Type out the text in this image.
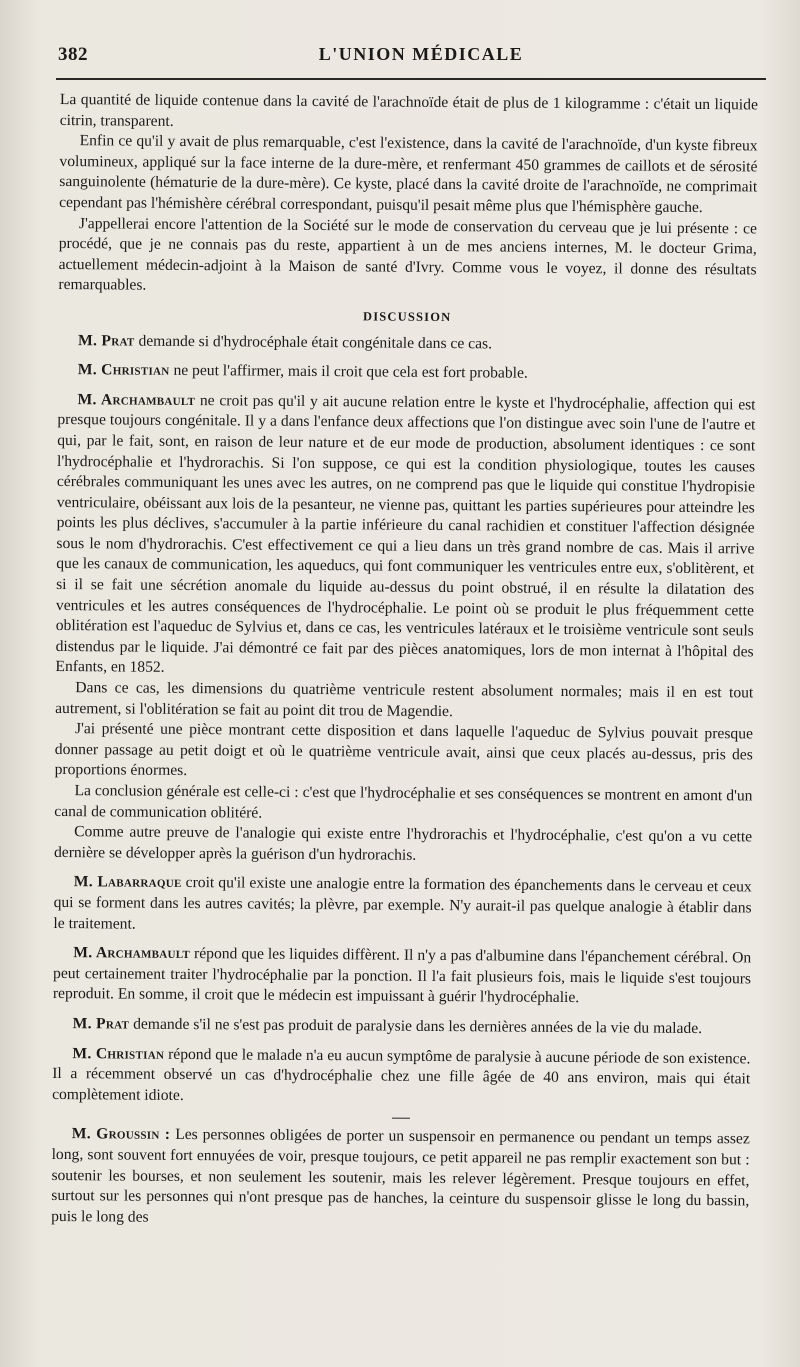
382	L'UNION MÉDICALE

La quantité de liquide contenue dans la cavité de l'arachnoïde était de plus de 1 kilogramme : c'était un liquide citrin, transparent.

Enfin ce qu'il y avait de plus remarquable, c'est l'existence, dans la cavité de l'arachnoïde, d'un kyste fibreux volumineux, appliqué sur la face interne de la dure-mère, et renfermant 450 grammes de caillots et de sérosité sanguinolente (hématurie de la dure-mère). Ce kyste, placé dans la cavité droite de l'arachnoïde, ne comprimait cependant pas l'hémishère cérébral correspondant, puisqu'il pesait même plus que l'hémisphère gauche.

J'appellerai encore l'attention de la Société sur le mode de conservation du cerveau que je lui présente : ce procédé, que je ne connais pas du reste, appartient à un de mes anciens internes, M. le docteur Grima, actuellement médecin-adjoint à la Maison de santé d'Ivry. Comme vous le voyez, il donne des résultats remarquables.

DISCUSSION

M. Prat demande si d'hydrocéphale était congénitale dans ce cas.

M. Christian ne peut l'affirmer, mais il croit que cela est fort probable.

M. Archambault ne croit pas qu'il y ait aucune relation entre le kyste et l'hydrocéphalie, affection qui est presque toujours congénitale. Il y a dans l'enfance deux affections que l'on distingue avec soin l'une de l'autre et qui, par le fait, sont, en raison de leur nature et de eur mode de production, absolument identiques : ce sont l'hydrocéphalie et l'hydrorachis. Si l'on suppose, ce qui est la condition physiologique, toutes les causes cérébrales communiquant les unes avec les autres, on ne comprend pas que le liquide qui constitue l'hydropisie ventriculaire, obéissant aux lois de la pesanteur, ne vienne pas, quittant les parties supérieures pour atteindre les points les plus déclives, s'accumuler à la partie inférieure du canal rachidien et constituer l'affection désignée sous le nom d'hydrorachis. C'est effectivement ce qui a lieu dans un très grand nombre de cas. Mais il arrive que les canaux de communication, les aqueducs, qui font communiquer les ventricules entre eux, s'oblitèrent, et si il se fait une sécrétion anomale du liquide au-dessus du point obstrué, il en résulte la dilatation des ventricules et les autres conséquences de l'hydrocéphalie. Le point où se produit le plus fréquemment cette oblitération est l'aqueduc de Sylvius et, dans ce cas, les ventricules latéraux et le troisième ventricule sont seuls distendus par le liquide. J'ai démontré ce fait par des pièces anatomiques, lors de mon internat à l'hôpital des Enfants, en 1852.

Dans ce cas, les dimensions du quatrième ventricule restent absolument normales; mais il en est tout autrement, si l'oblitération se fait au point dit trou de Magendie.

J'ai présenté une pièce montrant cette disposition et dans laquelle l'aqueduc de Sylvius pouvait presque donner passage au petit doigt et où le quatrième ventricule avait, ainsi que ceux placés au-dessus, pris des proportions énormes.

La conclusion générale est celle-ci : c'est que l'hydrocéphalie et ses conséquences se montrent en amont d'un canal de communication oblitéré.

Comme autre preuve de l'analogie qui existe entre l'hydrorachis et l'hydrocéphalie, c'est qu'on a vu cette dernière se développer après la guérison d'un hydrorachis.

M. Labarraque croit qu'il existe une analogie entre la formation des épanchements dans le cerveau et ceux qui se forment dans les autres cavités; la plèvre, par exemple. N'y aurait-il pas quelque analogie à établir dans le traitement.

M. Archambault répond que les liquides diffèrent. Il n'y a pas d'albumine dans l'épanchement cérébral. On peut certainement traiter l'hydrocéphalie par la ponction. Il l'a fait plusieurs fois, mais le liquide s'est toujours reproduit. En somme, il croit que le médecin est impuissant à guérir l'hydrocéphalie.

M. Prat demande s'il ne s'est pas produit de paralysie dans les dernières années de la vie du malade.

M. Christian répond que le malade n'a eu aucun symptôme de paralysie à aucune période de son existence. Il a récemment observé un cas d'hydrocéphalie chez une fille âgée de 40 ans environ, mais qui était complètement idiote.

M. Groussin : Les personnes obligées de porter un suspensoir en permanence ou pendant un temps assez long, sont souvent fort ennuyées de voir, presque toujours, ce petit appareil ne pas remplir exactement son but : soutenir les bourses, et non seulement les soutenir, mais les relever légèrement. Presque toujours en effet, surtout sur les personnes qui n'ont presque pas de hanches, la ceinture du suspensoir glisse le long du bassin, puis le long des
